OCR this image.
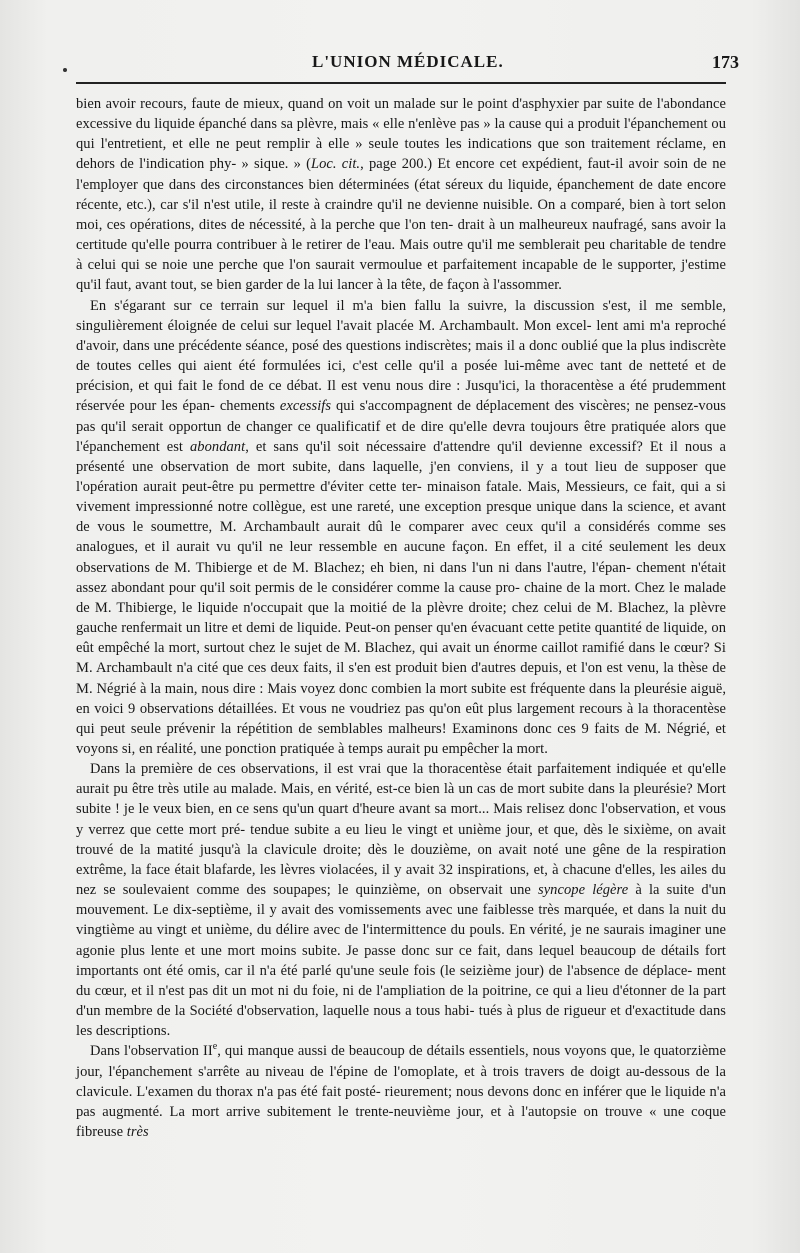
L'UNION MÉDICALE.	173

bien avoir recours, faute de mieux, quand on voit un malade sur le point d'asphyxier par suite de l'abondance excessive du liquide épanché dans sa plèvre, mais « elle n'enlève pas » la cause qui a produit l'épanchement ou qui l'entretient, et elle ne peut remplir à elle » seule toutes les indications que son traitement réclame, en dehors de l'indication phy- » sique. » (Loc. cit., page 200.) Et encore cet expédient, faut-il avoir soin de ne l'employer que dans des circonstances bien déterminées (état séreux du liquide, épanchement de date encore récente, etc.), car s'il n'est utile, il reste à craindre qu'il ne devienne nuisible. On a comparé, bien à tort selon moi, ces opérations, dites de nécessité, à la perche que l'on ten- drait à un malheureux naufragé, sans avoir la certitude qu'elle pourra contribuer à le retirer de l'eau. Mais outre qu'il me semblerait peu charitable de tendre à celui qui se noie une perche que l'on saurait vermoulue et parfaitement incapable de le supporter, j'estime qu'il faut, avant tout, se bien garder de la lui lancer à la tête, de façon à l'assommer.

En s'égarant sur ce terrain sur lequel il m'a bien fallu la suivre, la discussion s'est, il me semble, singulièrement éloignée de celui sur lequel l'avait placée M. Archambault. Mon excel- lent ami m'a reproché d'avoir, dans une précédente séance, posé des questions indiscrètes; mais il a donc oublié que la plus indiscrète de toutes celles qui aient été formulées ici, c'est celle qu'il a posée lui-même avec tant de netteté et de précision, et qui fait le fond de ce débat. Il est venu nous dire : Jusqu'ici, la thoracentèse a été prudemment réservée pour les épan- chements excessifs qui s'accompagnent de déplacement des viscères; ne pensez-vous pas qu'il serait opportun de changer ce qualificatif et de dire qu'elle devra toujours être pratiquée alors que l'épanchement est abondant, et sans qu'il soit nécessaire d'attendre qu'il devienne excessif? Et il nous a présenté une observation de mort subite, dans laquelle, j'en conviens, il y a tout lieu de supposer que l'opération aurait peut-être pu permettre d'éviter cette ter- minaison fatale. Mais, Messieurs, ce fait, qui a si vivement impressionné notre collègue, est une rareté, une exception presque unique dans la science, et avant de vous le soumettre, M. Archambault aurait dû le comparer avec ceux qu'il a considérés comme ses analogues, et il aurait vu qu'il ne leur ressemble en aucune façon. En effet, il a cité seulement les deux observations de M. Thibierge et de M. Blachez; eh bien, ni dans l'un ni dans l'autre, l'épan- chement n'était assez abondant pour qu'il soit permis de le considérer comme la cause pro- chaine de la mort. Chez le malade de M. Thibierge, le liquide n'occupait que la moitié de la plèvre droite; chez celui de M. Blachez, la plèvre gauche renfermait un litre et demi de liquide. Peut-on penser qu'en évacuant cette petite quantité de liquide, on eût empêché la mort, surtout chez le sujet de M. Blachez, qui avait un énorme caillot ramifié dans le cœur? Si M. Archambault n'a cité que ces deux faits, il s'en est produit bien d'autres depuis, et l'on est venu, la thèse de M. Négrié à la main, nous dire : Mais voyez donc combien la mort subite est fréquente dans la pleurésie aiguë, en voici 9 observations détaillées. Et vous ne voudriez pas qu'on eût plus largement recours à la thoracentèse qui peut seule prévenir la répétition de semblables malheurs! Examinons donc ces 9 faits de M. Négrié, et voyons si, en réalité, une ponction pratiquée à temps aurait pu empêcher la mort.

Dans la première de ces observations, il est vrai que la thoracentèse était parfaitement indiquée et qu'elle aurait pu être très utile au malade. Mais, en vérité, est-ce bien là un cas de mort subite dans la pleurésie? Mort subite ! je le veux bien, en ce sens qu'un quart d'heure avant sa mort... Mais relisez donc l'observation, et vous y verrez que cette mort pré- tendue subite a eu lieu le vingt et unième jour, et que, dès le sixième, on avait trouvé de la matité jusqu'à la clavicule droite; dès le douzième, on avait noté une gêne de la respiration extrême, la face était blafarde, les lèvres violacées, il y avait 32 inspirations, et, à chacune d'elles, les ailes du nez se soulevaient comme des soupapes; le quinzième, on observait une syncope légère à la suite d'un mouvement. Le dix-septième, il y avait des vomissements avec une faiblesse très marquée, et dans la nuit du vingtième au vingt et unième, du délire avec de l'intermittence du pouls. En vérité, je ne saurais imaginer une agonie plus lente et une mort moins subite. Je passe donc sur ce fait, dans lequel beaucoup de détails fort importants ont été omis, car il n'a été parlé qu'une seule fois (le seizième jour) de l'absence de déplace- ment du cœur, et il n'est pas dit un mot ni du foie, ni de l'ampliation de la poitrine, ce qui a lieu d'étonner de la part d'un membre de la Société d'observation, laquelle nous a tous habi- tués à plus de rigueur et d'exactitude dans les descriptions.

Dans l'observation IIe, qui manque aussi de beaucoup de détails essentiels, nous voyons que, le quatorzième jour, l'épanchement s'arrête au niveau de l'épine de l'omoplate, et à trois travers de doigt au-dessous de la clavicule. L'examen du thorax n'a pas été fait posté- rieurement; nous devons donc en inférer que le liquide n'a pas augmenté. La mort arrive subitement le trente-neuvième jour, et à l'autopsie on trouve « une coque fibreuse très
